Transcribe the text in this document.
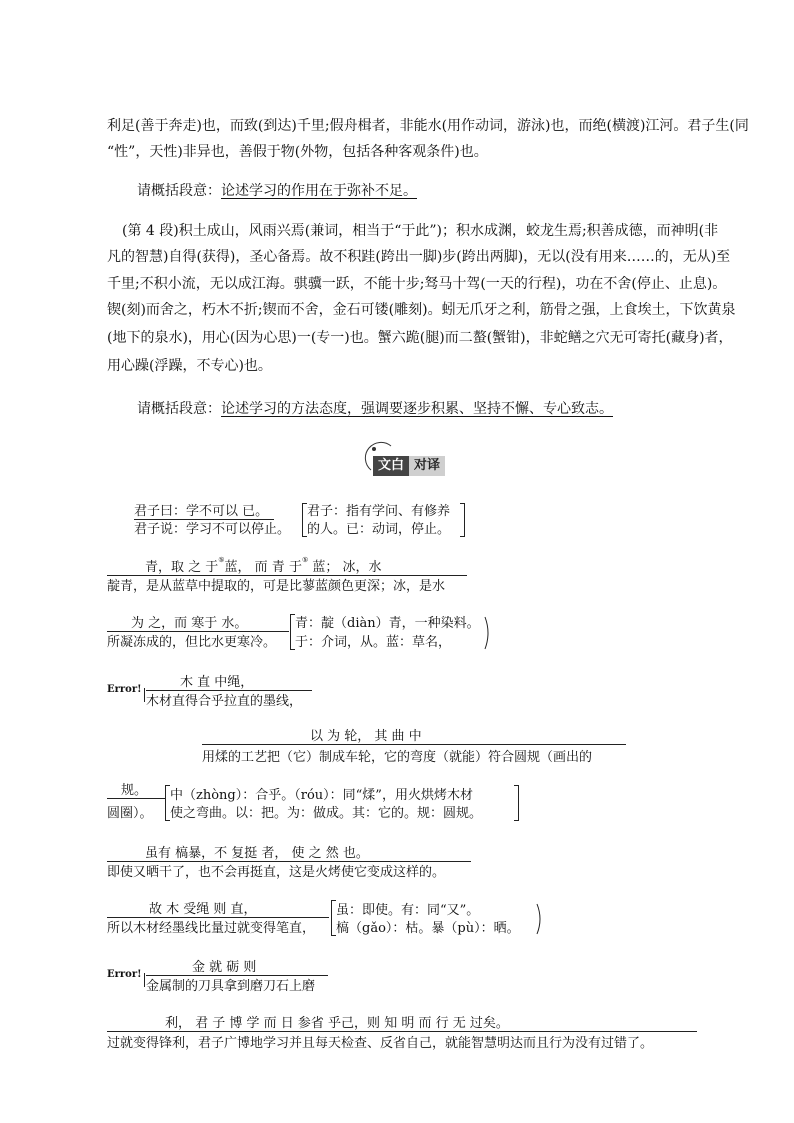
利足(善于奔走)也，而致(到达)千里;假舟楫者，非能水(用作动词，游泳)也，而绝(横渡)江河。君子生(同
“性”，天性)非异也，善假于物(外物，包括各种客观条件)也。
请概括段意：论述学习的作用在于弥补不足。
(第 4 段)积土成山，风雨兴焉(兼词，相当于“于此”)；积水成渊，蛟龙生焉;积善成德，而神明(非
凡的智慧)自得(获得)，圣心备焉。故不积跬(跨出一脚)步(跨出两脚)，无以(没有用来……的，无从)至
千里;不积小流，无以成江海。骐骥一跃，不能十步;驽马十驾(一天的行程)，功在不舍(停止、止息)。
锲(刻)而舍之，朽木不折;锲而不舍，金石可镂(雕刻)。蚓无爪牙之利，筋骨之强，上食埃土，下饮黄泉
(地下的泉水)，用心(因为心思)一(专一)也。蟹六跪(腿)而二螯(蟹钳)，非蛇鳝之穴无可寄托(藏身)者，
用心躁(浮躁，不专心)也。
请概括段意：论述学习的方法态度，强调要逐步积累、坚持不懈、专心致志。
文白 对译
君子曰：学不可以 已。
君子说：学习不可以停止。
君子：指有学问、有修养
的人。已：动词，停止。
青，取 之 于⑤蓝， 而 青 于⑤ 蓝； 冰，水
靛青，是从蓝草中提取的，可是比蓼蓝颜色更深；冰，是水
为 之，而 寒于 水。
所凝冻成的，但比水更寒冷。
青：靛（diàn）青，一种染料。
于：介词，从。蓝：草名，
Error!	木 直 中绳，
木材直得合乎拉直的墨线，
以 为 轮， 其 曲 中
用煣的工艺把（它）制成车轮，它的弯度（就能）符合圆规（画出的
规。
圆圈）。
中（zhòng）：合乎。（róu）：同“煣”，用火烘烤木材
使之弯曲。以：把。为：做成。其：它的。规：圆规。
虽有 槁暴，不 复挺 者， 使 之 然 也。
即使又晒干了，也不会再挺直，这是火烤使它变成这样的。
故 木 受绳 则 直，
所以木材经墨线比量过就变得笔直，
虽：即使。有：同“又”。
槁（gǎo）：枯。暴（pù）：晒。
Error!	金 就 砺 则
金属制的刀具拿到磨刀石上磨
利， 君 子 博 学 而 日 参省 乎己，则 知 明 而 行 无 过矣。
过就变得锋利，君子广博地学习并且每天检查、反省自己，就能智慧明达而且行为没有过错了。
